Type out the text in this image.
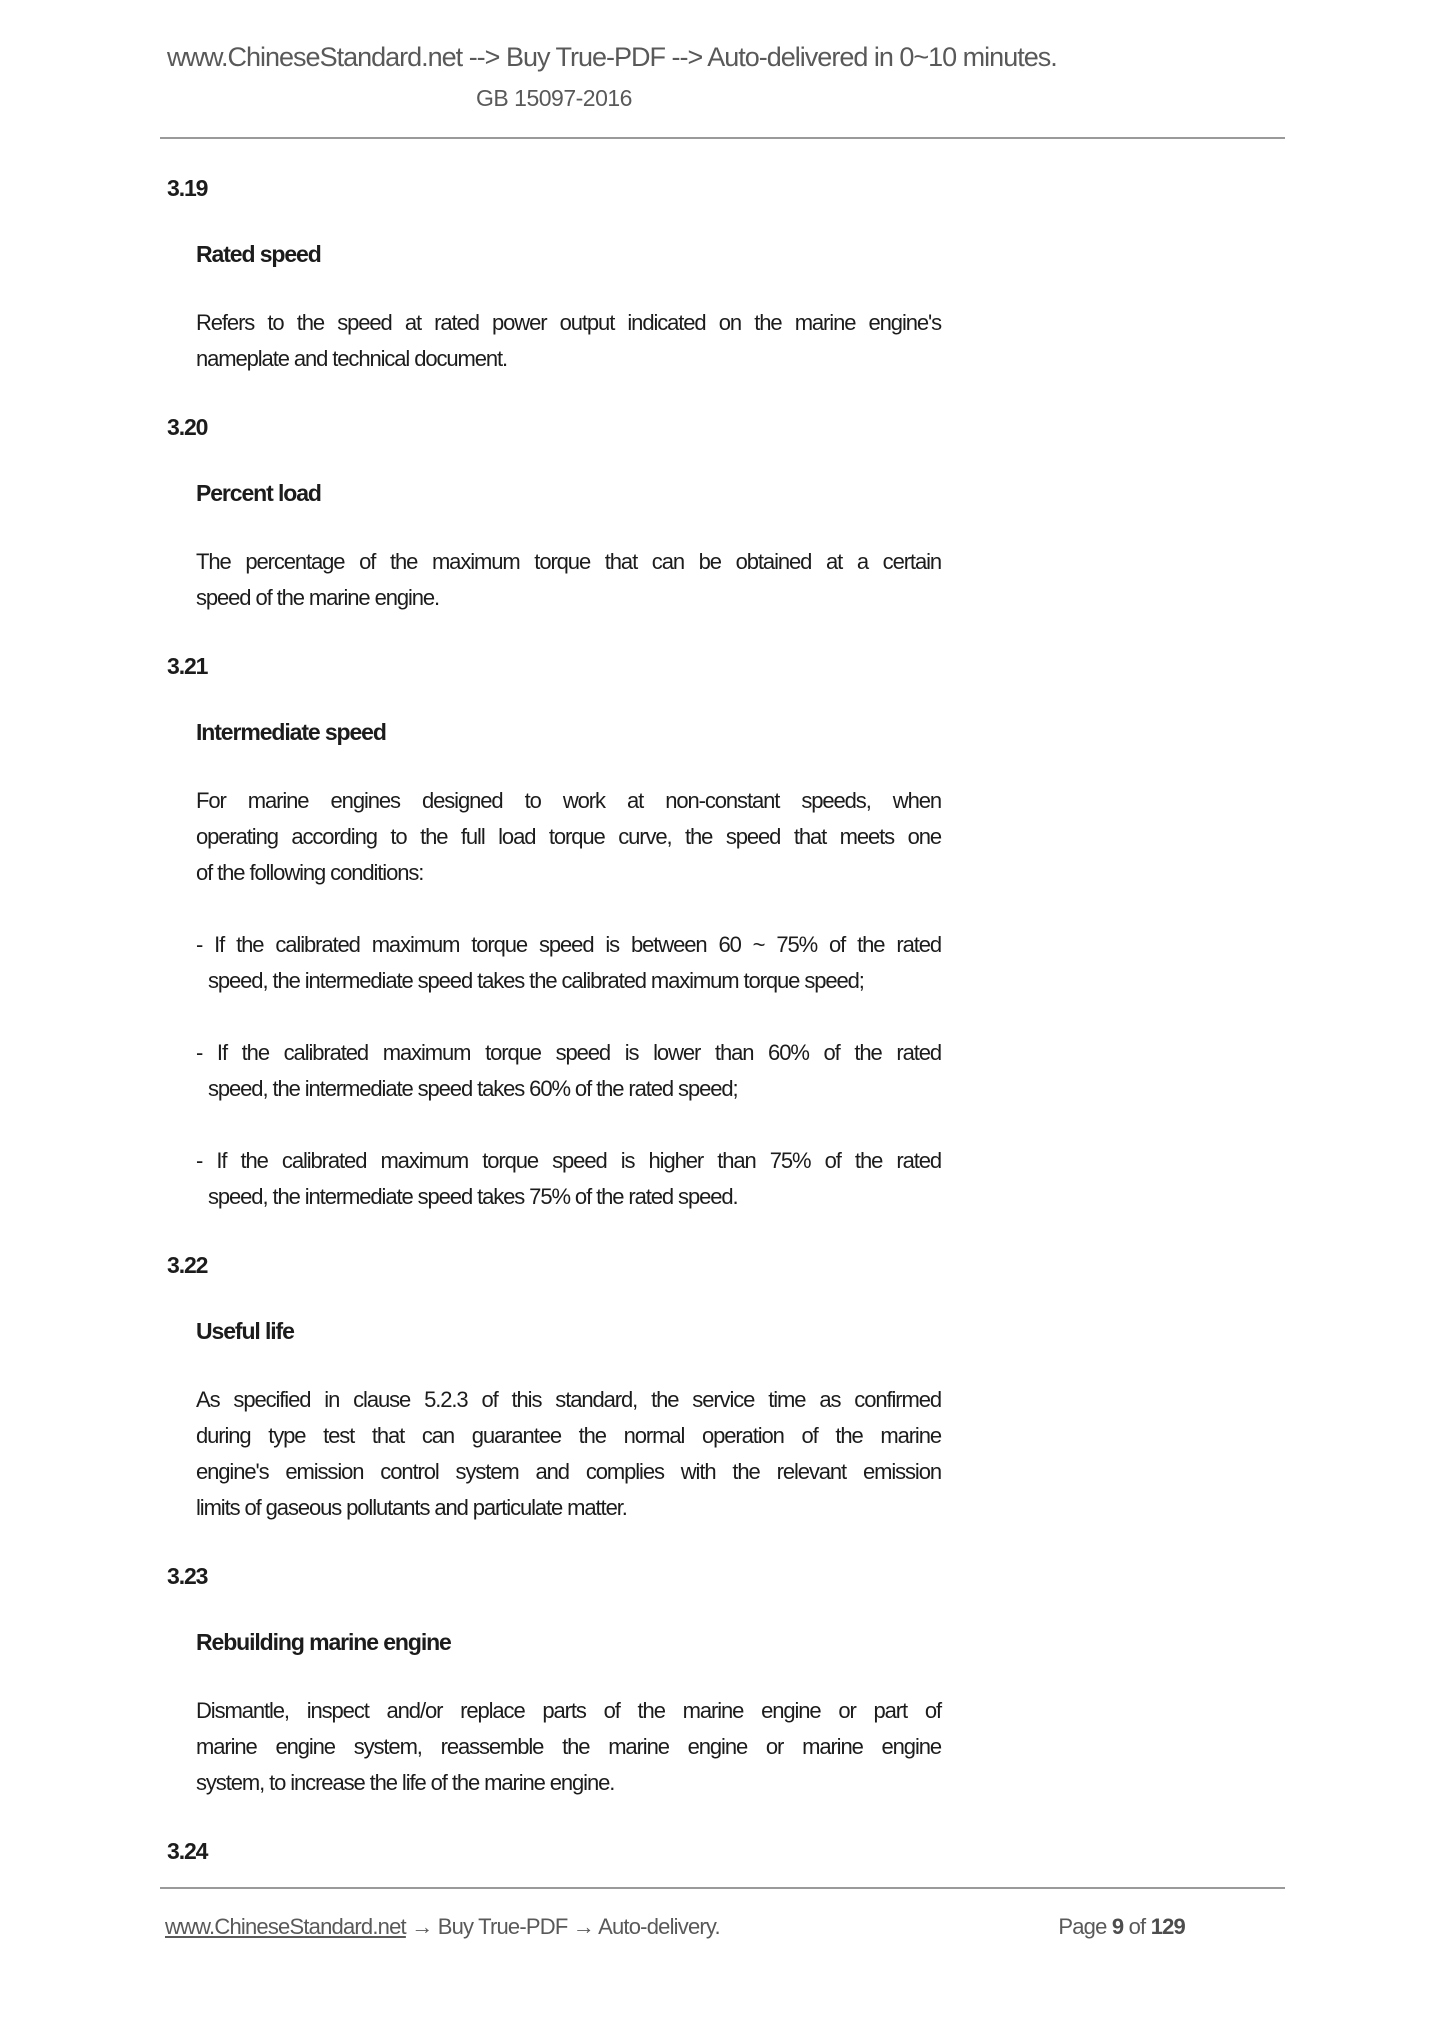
www.ChineseStandard.net --> Buy True-PDF --> Auto-delivered in 0~10 minutes.
GB 15097-2016
3.19
Rated speed
Refers to the speed at rated power output indicated on the marine engine's
nameplate and technical document.
3.20
Percent load
The percentage of the maximum torque that can be obtained at a certain
speed of the marine engine.
3.21
Intermediate speed
For marine engines designed to work at non-constant speeds, when
operating according to the full load torque curve, the speed that meets one
of the following conditions:
- If the calibrated maximum torque speed is between 60 ~ 75% of the rated
speed, the intermediate speed takes the calibrated maximum torque speed;
- If the calibrated maximum torque speed is lower than 60% of the rated
speed, the intermediate speed takes 60% of the rated speed;
- If the calibrated maximum torque speed is higher than 75% of the rated
speed, the intermediate speed takes 75% of the rated speed.
3.22
Useful life
As specified in clause 5.2.3 of this standard, the service time as confirmed
during type test that can guarantee the normal operation of the marine
engine's emission control system and complies with the relevant emission
limits of gaseous pollutants and particulate matter.
3.23
Rebuilding marine engine
Dismantle, inspect and/or replace parts of the marine engine or part of
marine engine system, reassemble the marine engine or marine engine
system, to increase the life of the marine engine.
3.24
www.ChineseStandard.net → Buy True-PDF → Auto-delivery.	Page 9 of 129
